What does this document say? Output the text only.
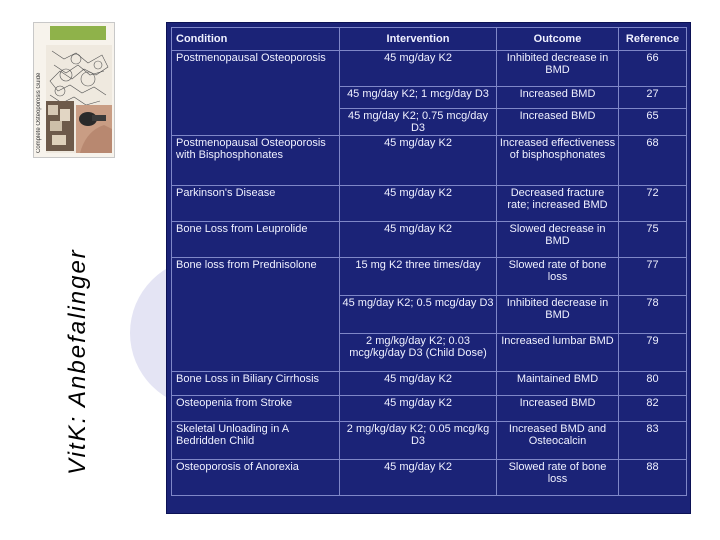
Complete Osteoporosis Guide
VitK: Anbefalinger
Condition	Intervention	Outcome	Reference
Postmenopausal Osteoporosis	45 mg/day K2	Inhibited decrease in BMD	66
	45 mg/day K2; 1 mcg/day D3	Increased BMD	27
	45 mg/day K2; 0.75 mcg/day D3	Increased BMD	65
Postmenopausal Osteoporosis with Bisphosphonates	45 mg/day K2	Increased effectiveness of bisphosphonates	68
Parkinson's Disease	45 mg/day K2	Decreased fracture rate; increased BMD	72
Bone Loss from Leuprolide	45 mg/day K2	Slowed decrease in BMD	75
Bone loss from Prednisolone	15 mg K2 three times/day	Slowed rate of bone loss	77
	45 mg/day K2; 0.5 mcg/day D3	Inhibited decrease in BMD	78
	2 mg/kg/day K2; 0.03 mcg/kg/day D3 (Child Dose)	Increased lumbar BMD	79
Bone Loss in Biliary Cirrhosis	45 mg/day K2	Maintained BMD	80
Osteopenia from Stroke	45 mg/day K2	Increased BMD	82
Skeletal Unloading in A Bedridden Child	2 mg/kg/day K2; 0.05 mcg/kg D3	Increased BMD and Osteocalcin	83
Osteoporosis of Anorexia	45 mg/day K2	Slowed rate of bone loss	88
